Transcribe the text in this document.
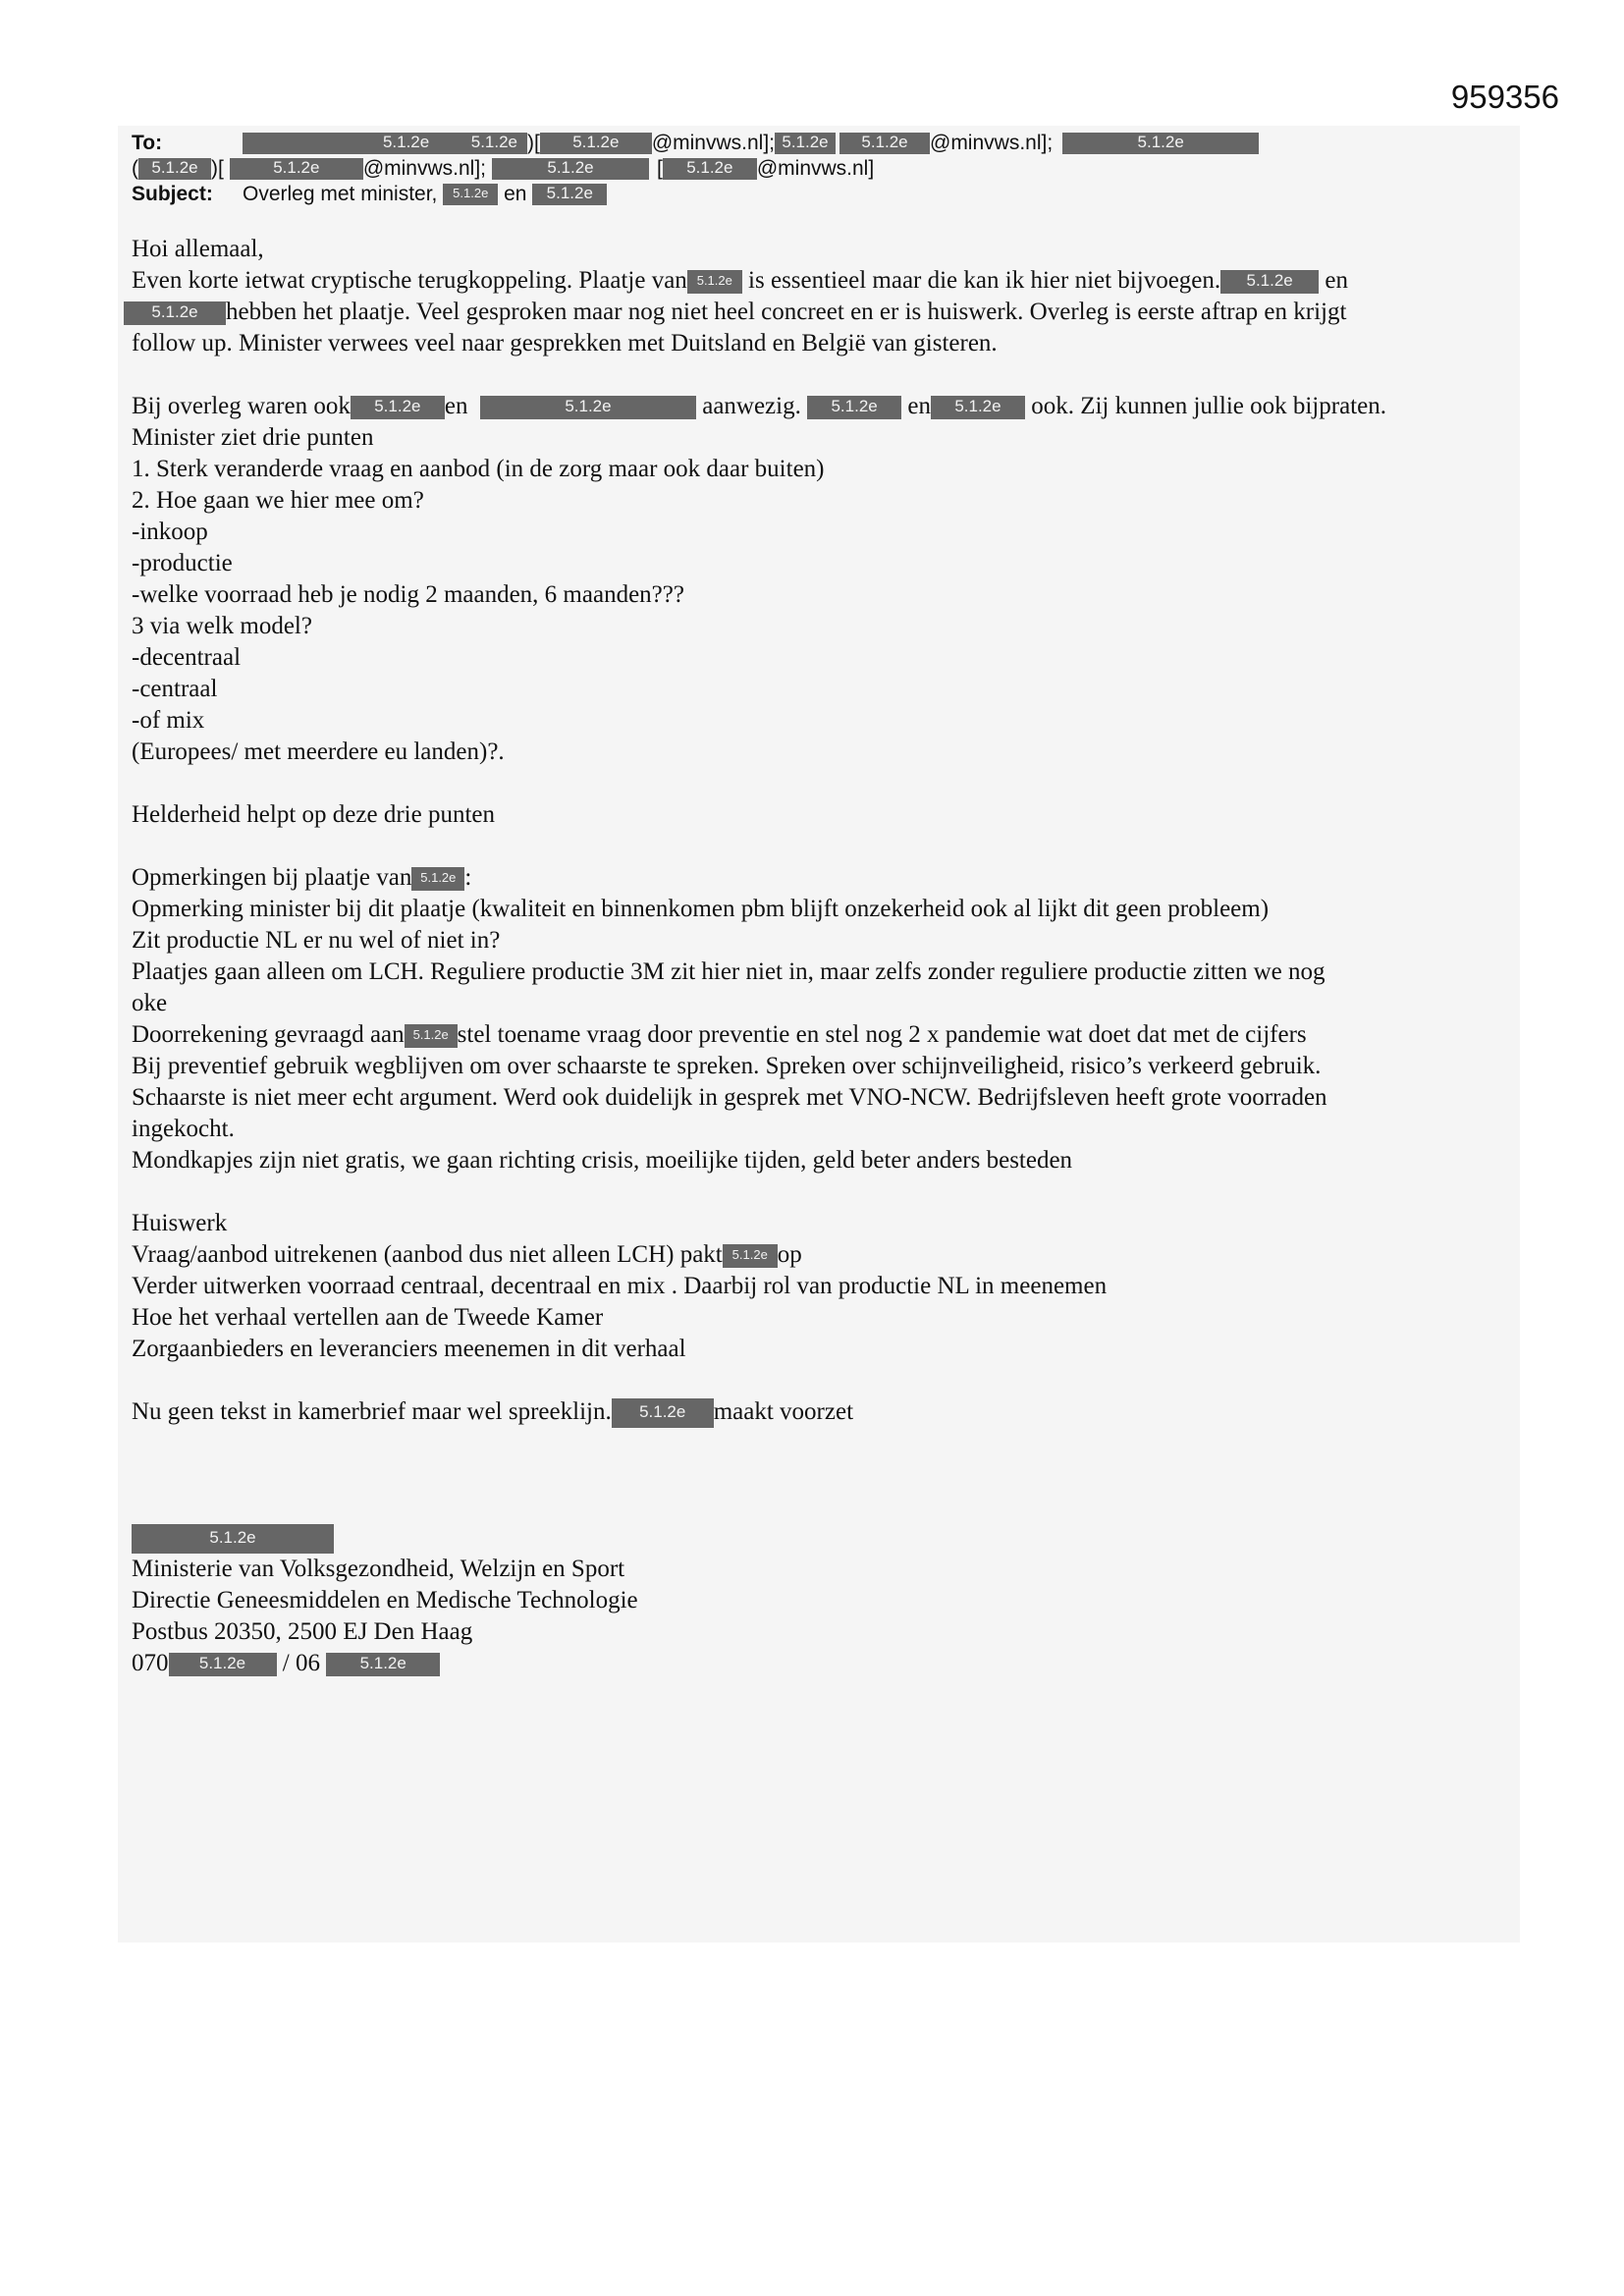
959356
To:	5.1.2e	5.1.2e )[ 5.1.2e @minvws.nl]; 5.1.2e 5.1.2e @minvws.nl];	5.1.2e
( 5.1.2e )[	5.1.2e @minvws.nl];	5.1.2e	[ 5.1.2e @minvws.nl]
Subject: Overleg met minister, 5.1.2e en 5.1.2e
Hoi allemaal,
Even korte ietwat cryptische terugkoppeling. Plaatje van 5.1.2e is essentieel maar die kan ik hier niet bijvoegen. 5.1.2e en
5.1.2e hebben het plaatje. Veel gesproken maar nog niet heel concreet en er is huiswerk. Overleg is eerste aftrap en krijgt
follow up. Minister verwees veel naar gesprekken met Duitsland en België van gisteren.
Bij overleg waren ook 5.1.2e en	5.1.2e	aanwezig. 5.1.2e en 5.1.2e ook. Zij kunnen jullie ook bijpraten.
Minister ziet drie punten
1. Sterk veranderde vraag en aanbod (in de zorg maar ook daar buiten)
2. Hoe gaan we hier mee om?
-inkoop
-productie
-welke voorraad heb je nodig 2 maanden, 6 maanden???
3 via welk model?
-decentraal
-centraal
-of mix
(Europees/ met meerdere eu landen)?.
Helderheid helpt op deze drie punten
Opmerkingen bij plaatje van 5.1.2e :
Opmerking minister bij dit plaatje (kwaliteit en binnenkomen pbm blijft onzekerheid ook al lijkt dit geen probleem)
Zit productie NL er nu wel of niet in?
Plaatjes gaan alleen om LCH. Reguliere productie 3M zit hier niet in, maar zelfs zonder reguliere productie zitten we nog
oke
Doorrekening gevraagd aan 5.1.2e stel toename vraag door preventie en stel nog 2 x pandemie wat doet dat met de cijfers
Bij preventief gebruik wegblijven om over schaarste te spreken. Spreken over schijnveiligheid, risico’s verkeerd gebruik.
Schaarste is niet meer echt argument. Werd ook duidelijk in gesprek met VNO-NCW. Bedrijfsleven heeft grote voorraden
ingekocht.
Mondkapjes zijn niet gratis, we gaan richting crisis, moeilijke tijden, geld beter anders besteden
Huiswerk
Vraag/aanbod uitrekenen (aanbod dus niet alleen LCH) pakt 5.1.2e op
Verder uitwerken voorraad centraal, decentraal en mix . Daarbij rol van productie NL in meenemen
Hoe het verhaal vertellen aan de Tweede Kamer
Zorgaanbieders en leveranciers meenemen in dit verhaal
Nu geen tekst in kamerbrief maar wel spreeklijn. 5.1.2e maakt voorzet
5.1.2e
Ministerie van Volksgezondheid, Welzijn en Sport
Directie Geneesmiddelen en Medische Technologie
Postbus 20350, 2500 EJ Den Haag
070 5.1.2e / 06 5.1.2e
